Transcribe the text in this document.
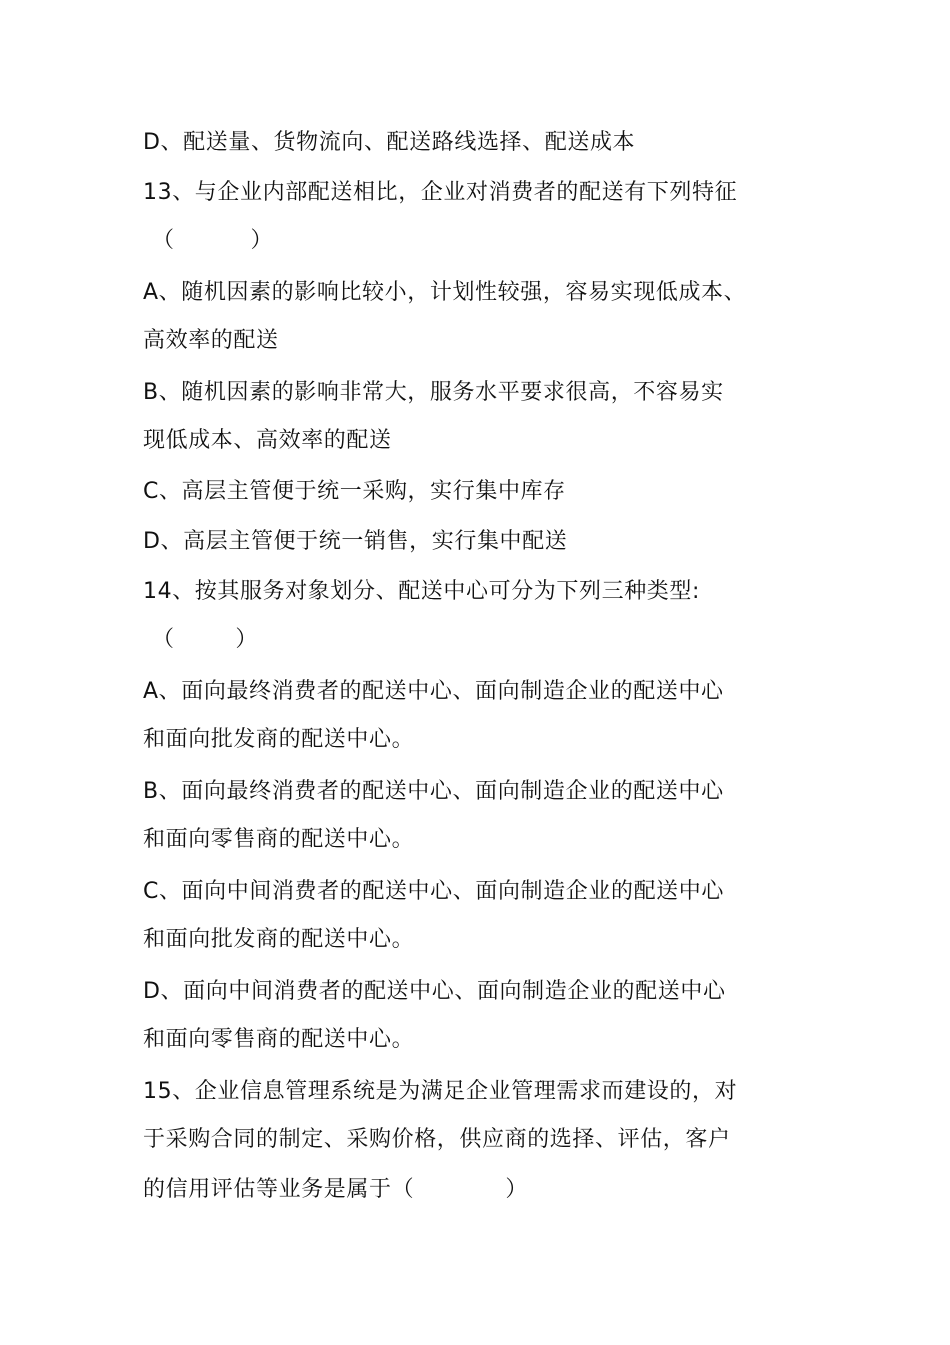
D、配送量、货物流向、配送路线选择、配送成本
13、与企业内部配送相比，企业对消费者的配送有下列特征
（          ）
A、随机因素的影响比较小，计划性较强，容易实现低成本、
高效率的配送
B、随机因素的影响非常大，服务水平要求很高，不容易实
现低成本、高效率的配送
C、高层主管便于统一采购，实行集中库存
D、高层主管便于统一销售，实行集中配送
14、按其服务对象划分、配送中心可分为下列三种类型:
（        ）
A、面向最终消费者的配送中心、面向制造企业的配送中心
和面向批发商的配送中心。
B、面向最终消费者的配送中心、面向制造企业的配送中心
和面向零售商的配送中心。
C、面向中间消费者的配送中心、面向制造企业的配送中心
和面向批发商的配送中心。
D、面向中间消费者的配送中心、面向制造企业的配送中心
和面向零售商的配送中心。
15、企业信息管理系统是为满足企业管理需求而建设的，对
于采购合同的制定、采购价格，供应商的选择、评估，客户
的信用评估等业务是属于（            ）
